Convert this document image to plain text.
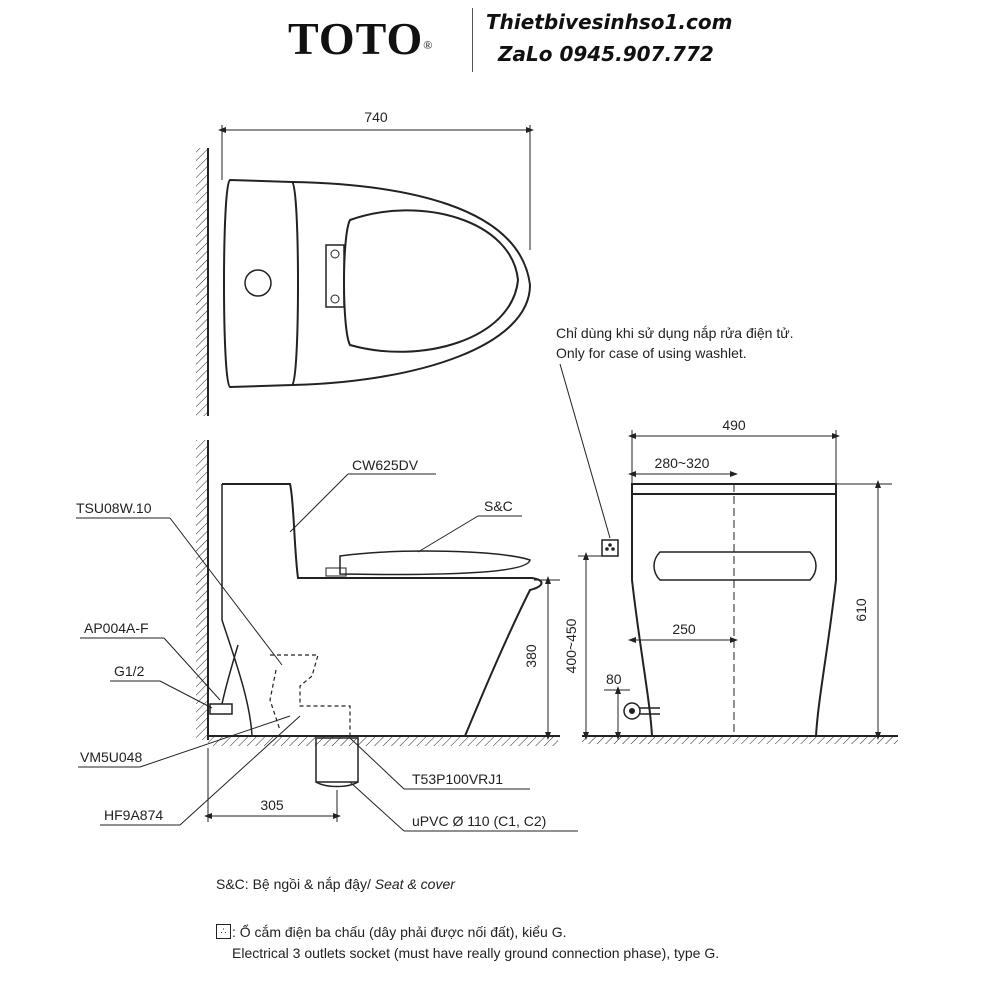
TOTO®
Thietbivesinhso1.com
ZaLo 0945.907.772
740
380
305
CW625DV
S&C
TSU08W.10
AP004A-F
G1/2
VM5U048
HF9A874
T53P100VRJ1
uPVC Ø 110 (C1, C2)
Chỉ dùng khi sử dụng nắp rửa điện tử.
Only for case of using washlet.
490
280~320
610
400~450	250
80
S&C: Bệ ngồi & nắp đậy/ Seat & cover
∴ : Ổ cắm điện ba chấu (dây phải được nối đất), kiểu G.
Electrical 3 outlets socket (must have really ground connection phase), type G.
